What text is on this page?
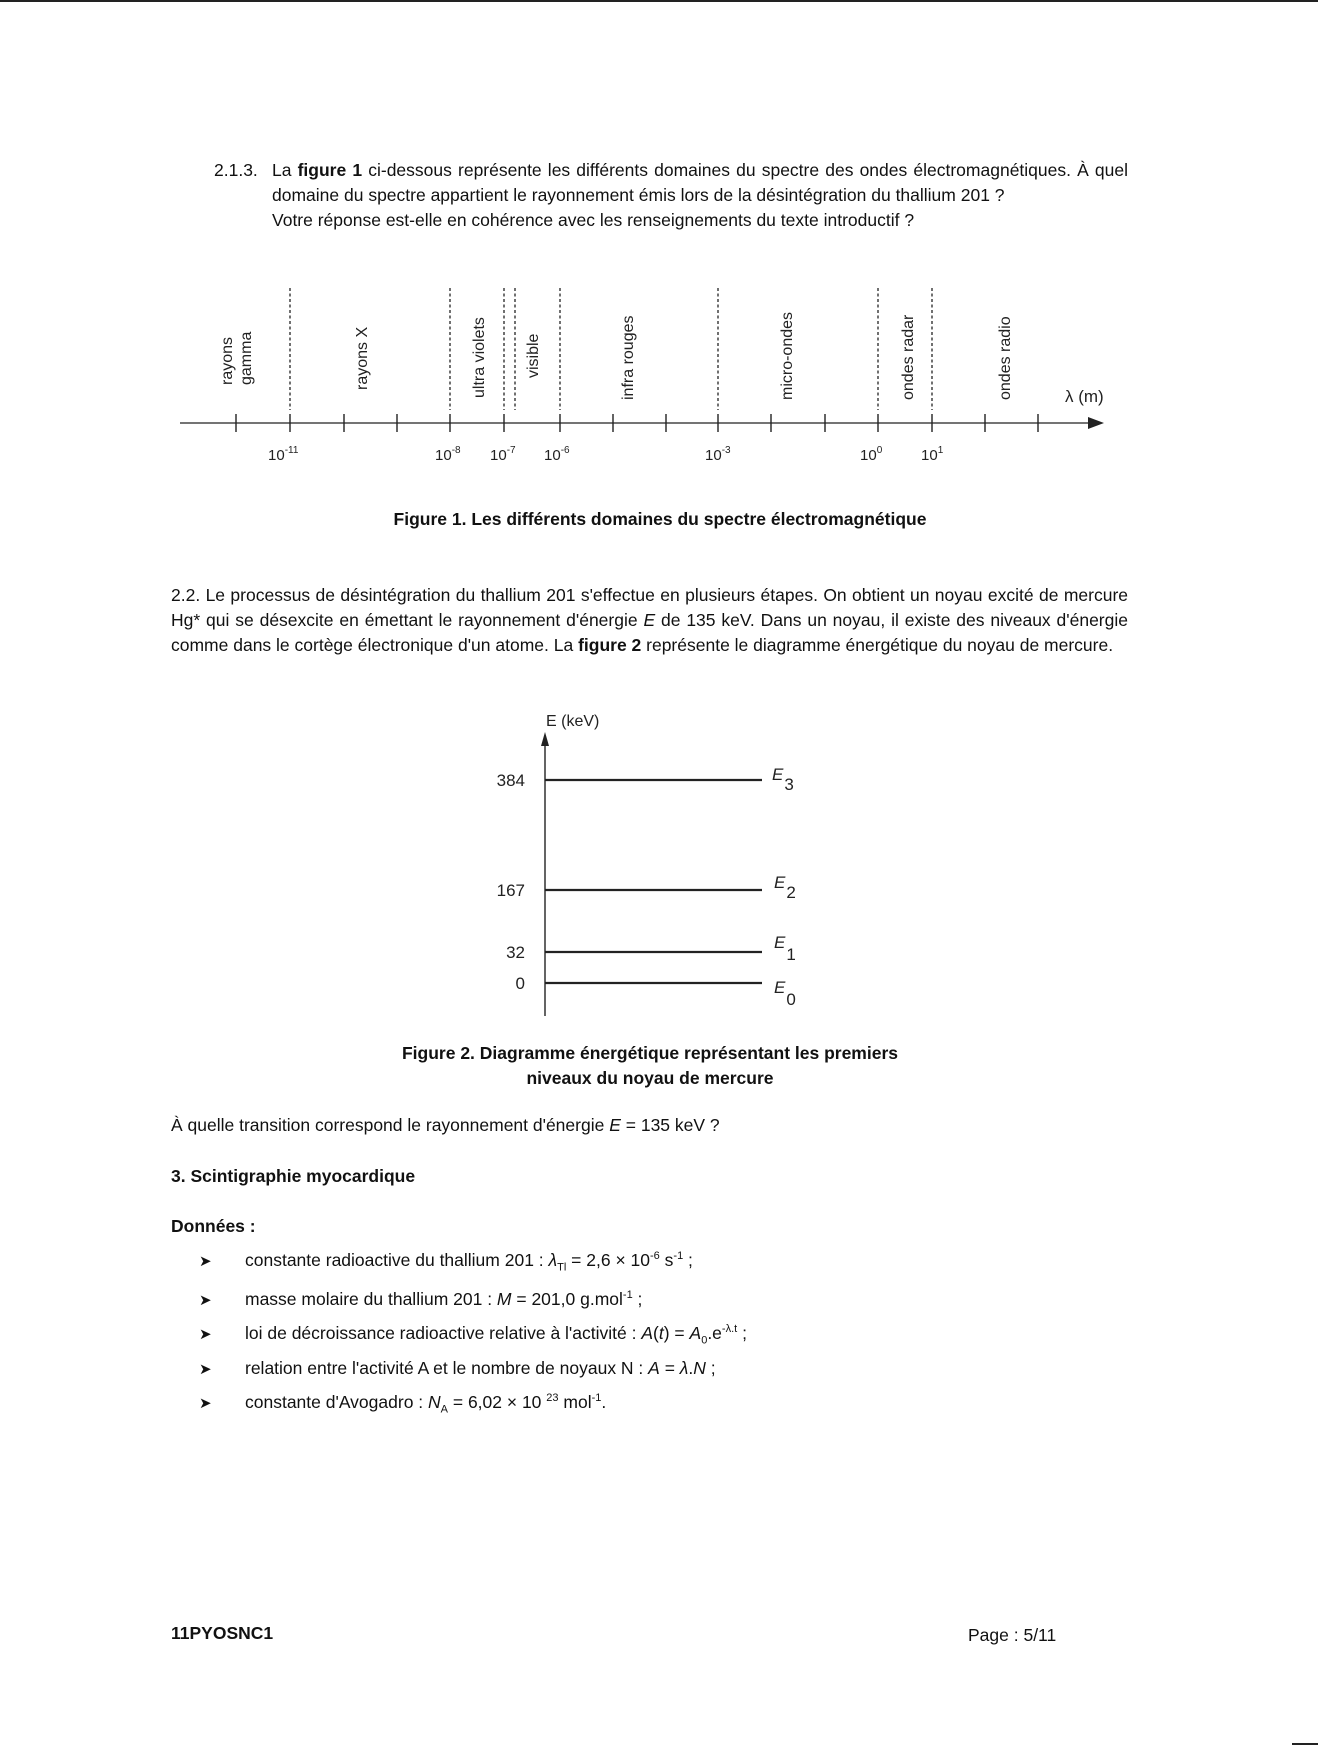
2.1.3. La figure 1 ci-dessous représente les différents domaines du spectre des ondes électromagnétiques. À quel domaine du spectre appartient le rayonnement émis lors de la désintégration du thallium 201 ?

Votre réponse est-elle en cohérence avec les renseignements du texte introductif ?

rayons gamma	rayons X	ultra violets visible	infra rouges	micro-ondes	ondes radar	ondes radio	λ (m)
$10^{-11}$	$10^{-8}$ $10^{-7}$ $10^{-6}$	$10^{-3}$	$10^0$	$10^1$
Figure 1. Les différents domaines du spectre électromagnétique

2.2. Le processus de désintégration du thallium 201 s'effectue en plusieurs étapes. On obtient un noyau excité de mercure Hg* qui se désexcite en émettant le rayonnement d'énergie E de 135 keV. Dans un noyau, il existe des niveaux d'énergie comme dans le cortège électronique d'un atome. La figure 2 représente le diagramme énergétique du noyau de mercure.

E (keV)
384
167
32
0
E3
E2
E1
E0
Figure 2. Diagramme énergétique représentant les premiers
niveaux du noyau de mercure
À quelle transition correspond le rayonnement d'énergie E = 135 keV ?
3. Scintigraphie myocardique
Données :
➤ constante radioactive du thallium 201 : $\lambda_{Tl} = 2,6 \times 10^{-6}$ $s^{-1}$ ;
➤ masse molaire du thallium 201 : M = 201,0 g.mol$^{-1}$ ;
➤ loi de décroissance radioactive relative à l'activité : $A(t) = A_0.e^{-\lambda.t}$ ;
➤ relation entre l'activité A et le nombre de noyaux N : A = λ.N ;
➤ constante d'Avogadro : $N_A = 6,02 \times 10$ $^{23}$ mol$^{-1}$.
11PYOSNC1	Page : 5/11
